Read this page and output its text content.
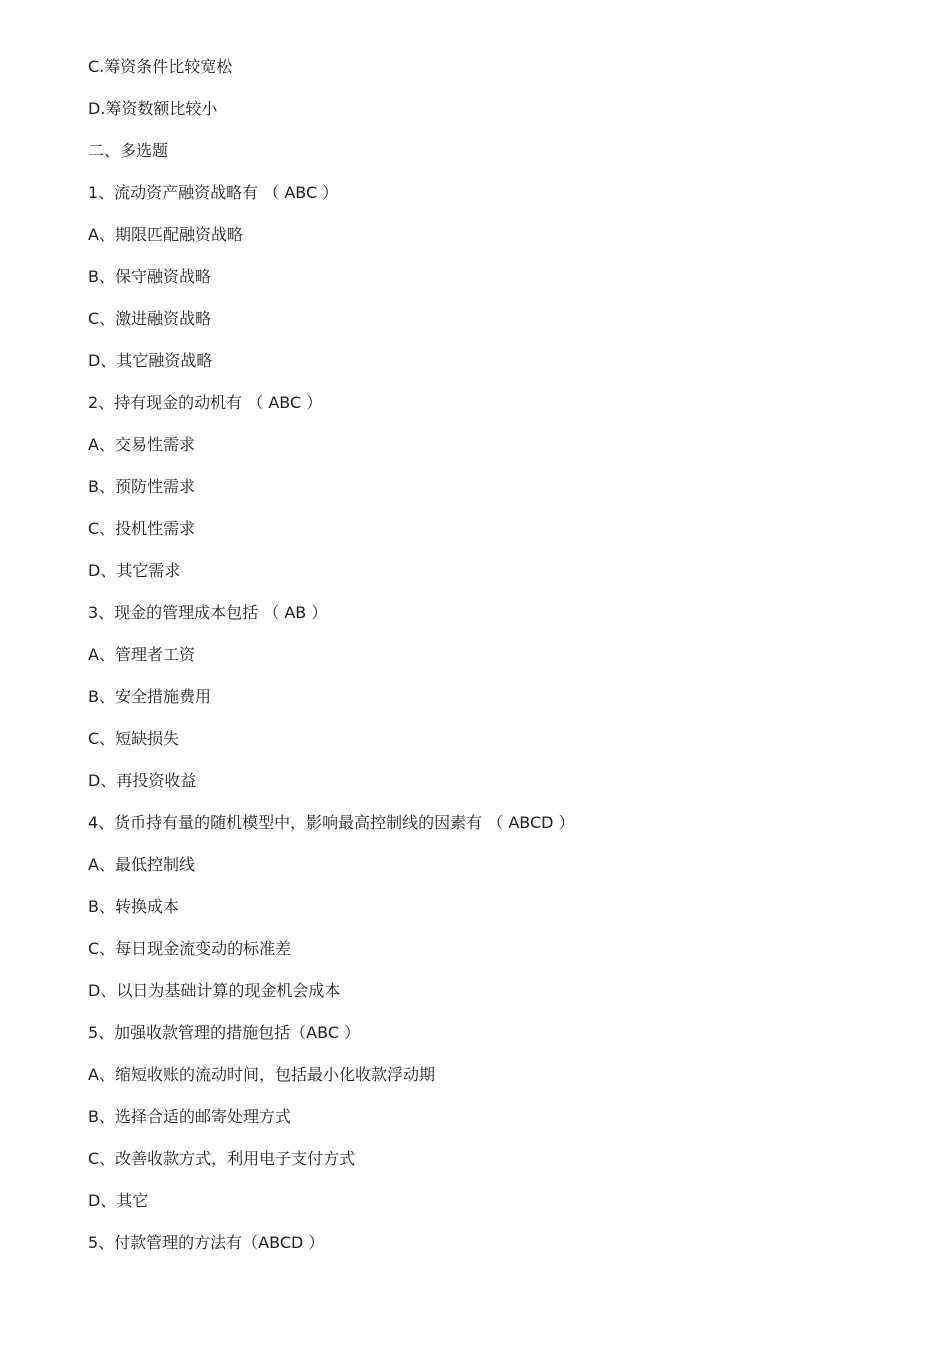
C.筹资条件比较宽松
D.筹资数额比较小
二、多选题
1、流动资产融资战略有 （ ABC ）
A、期限匹配融资战略
B、保守融资战略
C、激进融资战略
D、其它融资战略
2、持有现金的动机有 （ ABC ）
A、交易性需求
B、预防性需求
C、投机性需求
D、其它需求
3、现金的管理成本包括 （ AB ）
A、管理者工资
B、安全措施费用
C、短缺损失
D、再投资收益
4、货币持有量的随机模型中，影响最高控制线的因素有 （ ABCD ）
A、最低控制线
B、转换成本
C、每日现金流变动的标准差
D、以日为基础计算的现金机会成本
5、加强收款管理的措施包括（ABC ）
A、缩短收账的流动时间，包括最小化收款浮动期
B、选择合适的邮寄处理方式
C、改善收款方式，利用电子支付方式
D、其它
5、付款管理的方法有（ABCD ）
